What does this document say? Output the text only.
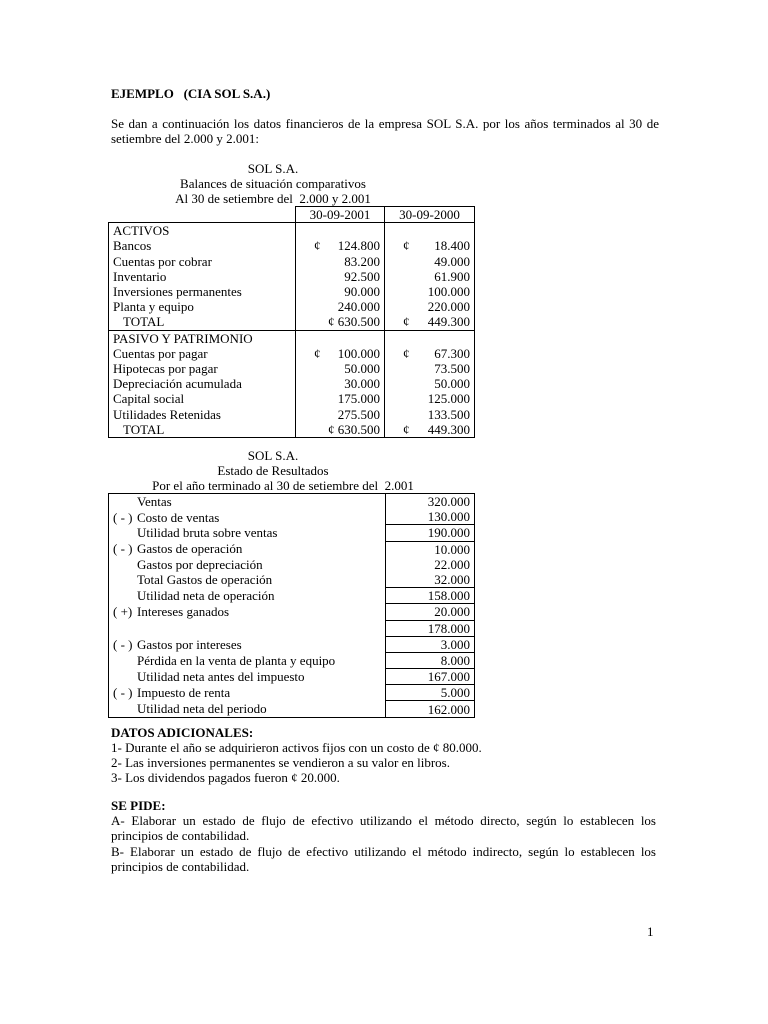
EJEMPLO   (CIA SOL S.A.)
Se dan a continuación los datos financieros de la empresa SOL S.A. por los años terminados al 30 de setiembre del 2.000 y 2.001:
SOL S.A.
Balances de situación comparativos
Al 30 de setiembre del  2.000 y 2.001
	30-09-2001	30-09-2000
ACTIVOS		
Bancos	¢ 124.800	¢ 18.400

Cuentas por cobrar	83.200	49.000

Inventario	92.500	61.900

Inversiones permanentes	90.000	100.000

Planta y equipo	240.000	220.000

TOTAL	¢ 630.500	¢ 449.300

PASIVO Y PATRIMONIO		
Cuentas por pagar	¢ 100.000	¢ 67.300

Hipotecas por pagar	50.000	73.500

Depreciación acumulada	30.000	50.000

Capital social	175.000	125.000

Utilidades Retenidas	275.500	133.500

TOTAL	¢ 630.500	¢ 449.300
SOL S.A.
Estado de Resultados
Por el año terminado al 30 de setiembre del  2.001
Ventas	320.000
( - ) Costo de ventas	130.000
Utilidad bruta sobre ventas	190.000
( - ) Gastos de operación	10.000
Gastos por depreciación	22.000
Total Gastos de operación	32.000
Utilidad neta de operación	158.000
( +) Intereses ganados	20.000
	178.000
( - ) Gastos por intereses	3.000
Pérdida en la venta de planta y equipo	8.000
Utilidad neta antes del impuesto	167.000
( - ) Impuesto de renta	5.000
Utilidad neta del periodo	162.000
DATOS ADICIONALES:
1- Durante el año se adquirieron activos fijos con un costo de ¢ 80.000.
2- Las inversiones permanentes se vendieron a su valor en libros.
3- Los dividendos pagados fueron ¢ 20.000.
SE PIDE:
A- Elaborar un estado de flujo de efectivo utilizando el método directo, según lo establecen los principios de contabilidad.
B- Elaborar un estado de flujo de efectivo utilizando el método indirecto, según lo establecen los principios de contabilidad.
1
